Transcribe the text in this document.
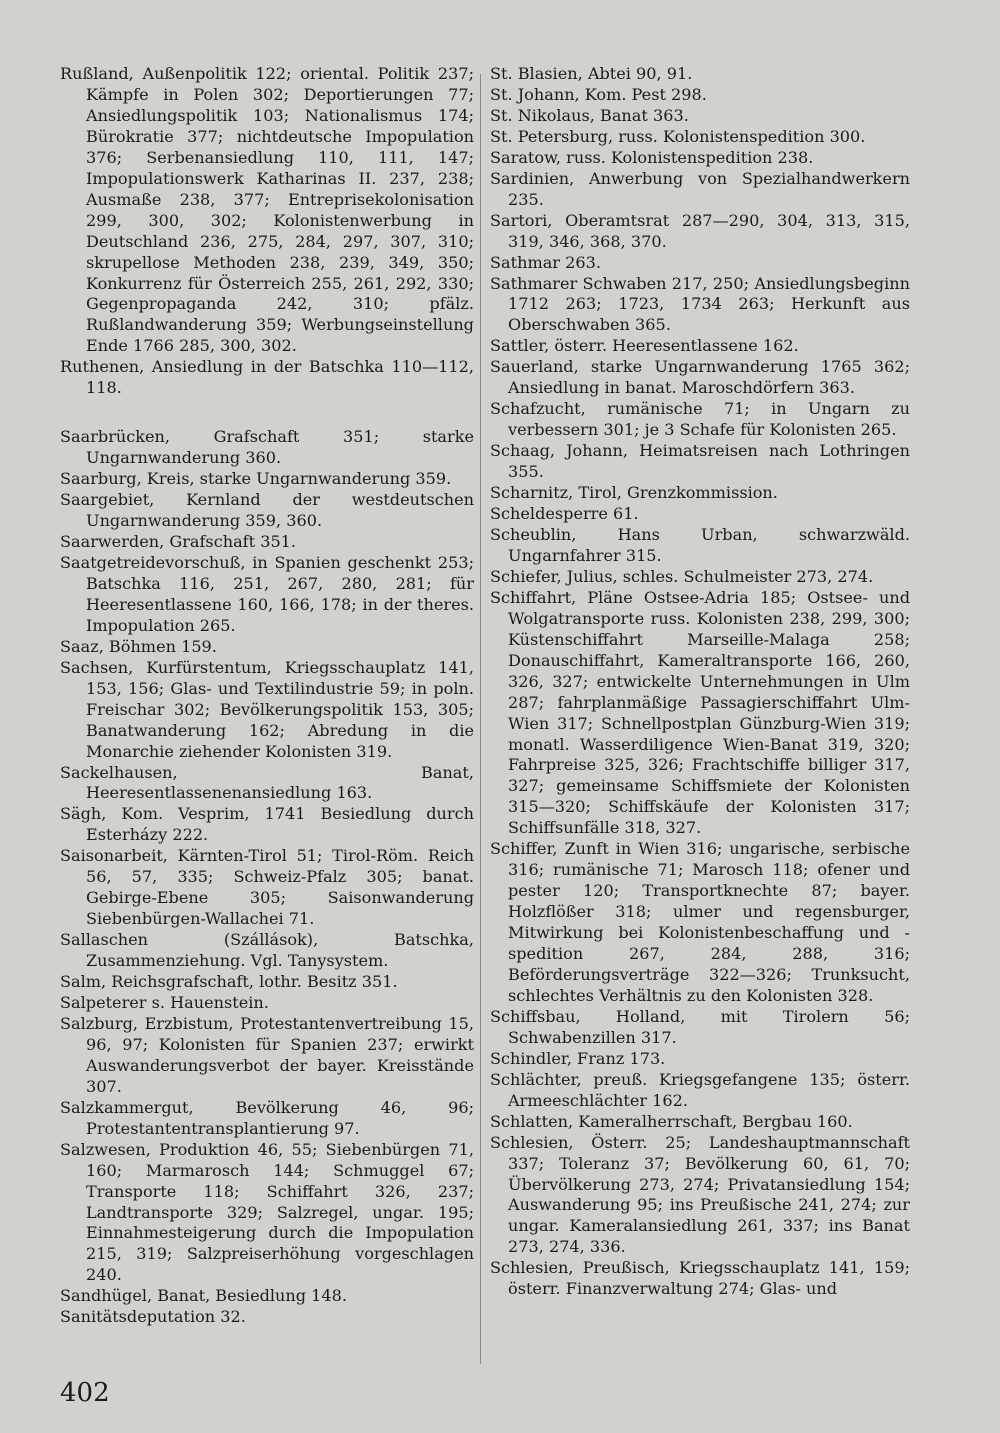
Rußland, Außenpolitik 122; oriental. Politik 237; Kämpfe in Polen 302; Deportierungen 77; Ansiedlungspolitik 103; Nationalismus 174; Bürokratie 377; nichtdeutsche Impopulation 376; Serbenansiedlung 110, 111, 147; Impopulationswerk Katharinas II. 237, 238; Ausmaße 238, 377; Entreprisekolonisation 299, 300, 302; Kolonistenwerbung in Deutschland 236, 275, 284, 297, 307, 310; skrupellose Methoden 238, 239, 349, 350; Konkurrenz für Österreich 255, 261, 292, 330; Gegenpropaganda 242, 310; pfälz. Rußlandwanderung 359; Werbungseinstellung Ende 1766 285, 300, 302.

Ruthenen, Ansiedlung in der Batschka 110—112, 118.

Saarbrücken, Grafschaft 351; starke Ungarnwanderung 360.

Saarburg, Kreis, starke Ungarnwanderung 359.

Saargebiet, Kernland der westdeutschen Ungarnwanderung 359, 360.

Saarwerden, Grafschaft 351.

Saatgetreidevorschuß, in Spanien geschenkt 253; Batschka 116, 251, 267, 280, 281; für Heeresentlassene 160, 166, 178; in der theres. Impopulation 265.

Saaz, Böhmen 159.

Sachsen, Kurfürstentum, Kriegsschauplatz 141, 153, 156; Glas- und Textilindustrie 59; in poln. Freischar 302; Bevölkerungspolitik 153, 305; Banatwanderung 162; Abredung in die Monarchie ziehender Kolonisten 319.

Sackelhausen, Banat, Heeresentlassenenansiedlung 163.

Sägh, Kom. Vesprim, 1741 Besiedlung durch Esterházy 222.

Saisonarbeit, Kärnten-Tirol 51; Tirol-Röm. Reich 56, 57, 335; Schweiz-Pfalz 305; banat. Gebirge-Ebene 305; Saisonwanderung Siebenbürgen-Wallachei 71.

Sallaschen (Szállások), Batschka, Zusammenziehung. Vgl. Tanysystem.

Salm, Reichsgrafschaft, lothr. Besitz 351.

Salpeterer s. Hauenstein.

Salzburg, Erzbistum, Protestantenvertreibung 15, 96, 97; Kolonisten für Spanien 237; erwirkt Auswanderungsverbot der bayer. Kreisstände 307.

Salzkammergut, Bevölkerung 46, 96; Protestantentransplantierung 97.

Salzwesen, Produktion 46, 55; Siebenbürgen 71, 160; Marmarosch 144; Schmuggel 67; Transporte 118; Schiffahrt 326, 237; Landtransporte 329; Salzregel, ungar. 195; Einnahmesteigerung durch die Impopulation 215, 319; Salzpreiserhöhung vorgeschlagen 240.

Sandhügel, Banat, Besiedlung 148.

Sanitätsdeputation 32.

St. Blasien, Abtei 90, 91.

St. Johann, Kom. Pest 298.

St. Nikolaus, Banat 363.

St. Petersburg, russ. Kolonistenspedition 300.

Saratow, russ. Kolonistenspedition 238.

Sardinien, Anwerbung von Spezialhandwerkern 235.

Sartori, Oberamtsrat 287—290, 304, 313, 315, 319, 346, 368, 370.

Sathmar 263.

Sathmarer Schwaben 217, 250; Ansiedlungsbeginn 1712 263; 1723, 1734 263; Herkunft aus Oberschwaben 365.

Sattler, österr. Heeresentlassene 162.

Sauerland, starke Ungarnwanderung 1765 362; Ansiedlung in banat. Maroschdörfern 363.

Schafzucht, rumänische 71; in Ungarn zu verbessern 301; je 3 Schafe für Kolonisten 265.

Schaag, Johann, Heimatsreisen nach Lothringen 355.

Scharnitz, Tirol, Grenzkommission.

Scheldesperre 61.

Scheublin, Hans Urban, schwarzwäld. Ungarnfahrer 315.

Schiefer, Julius, schles. Schulmeister 273, 274.

Schiffahrt, Pläne Ostsee-Adria 185; Ostsee- und Wolgatransporte russ. Kolonisten 238, 299, 300; Küstenschiffahrt Marseille-Malaga 258; Donauschiffahrt, Kameraltransporte 166, 260, 326, 327; entwickelte Unternehmungen in Ulm 287; fahrplanmäßige Passagierschiffahrt Ulm-Wien 317; Schnellpostplan Günzburg-Wien 319; monatl. Wasserdiligence Wien-Banat 319, 320; Fahrpreise 325, 326; Frachtschiffe billiger 317, 327; gemeinsame Schiffsmiete der Kolonisten 315—320; Schiffskäufe der Kolonisten 317; Schiffsunfälle 318, 327.

Schiffer, Zunft in Wien 316; ungarische, serbische 316; rumänische 71; Marosch 118; ofener und pester 120; Transportknechte 87; bayer. Holzflößer 318; ulmer und regensburger, Mitwirkung bei Kolonistenbeschaffung und -spedition 267, 284, 288, 316; Beförderungsverträge 322—326; Trunksucht, schlechtes Verhältnis zu den Kolonisten 328.

Schiffsbau, Holland, mit Tirolern 56; Schwabenzillen 317.

Schindler, Franz 173.

Schlächter, preuß. Kriegsgefangene 135; österr. Armeeschlächter 162.

Schlatten, Kameralherrschaft, Bergbau 160.

Schlesien, Österr. 25; Landeshauptmannschaft 337; Toleranz 37; Bevölkerung 60, 61, 70; Übervölkerung 273, 274; Privatansiedlung 154; Auswanderung 95; ins Preußische 241, 274; zur ungar. Kameralansiedlung 261, 337; ins Banat 273, 274, 336.

Schlesien, Preußisch, Kriegsschauplatz 141, 159; österr. Finanzverwaltung 274; Glas- und

402
